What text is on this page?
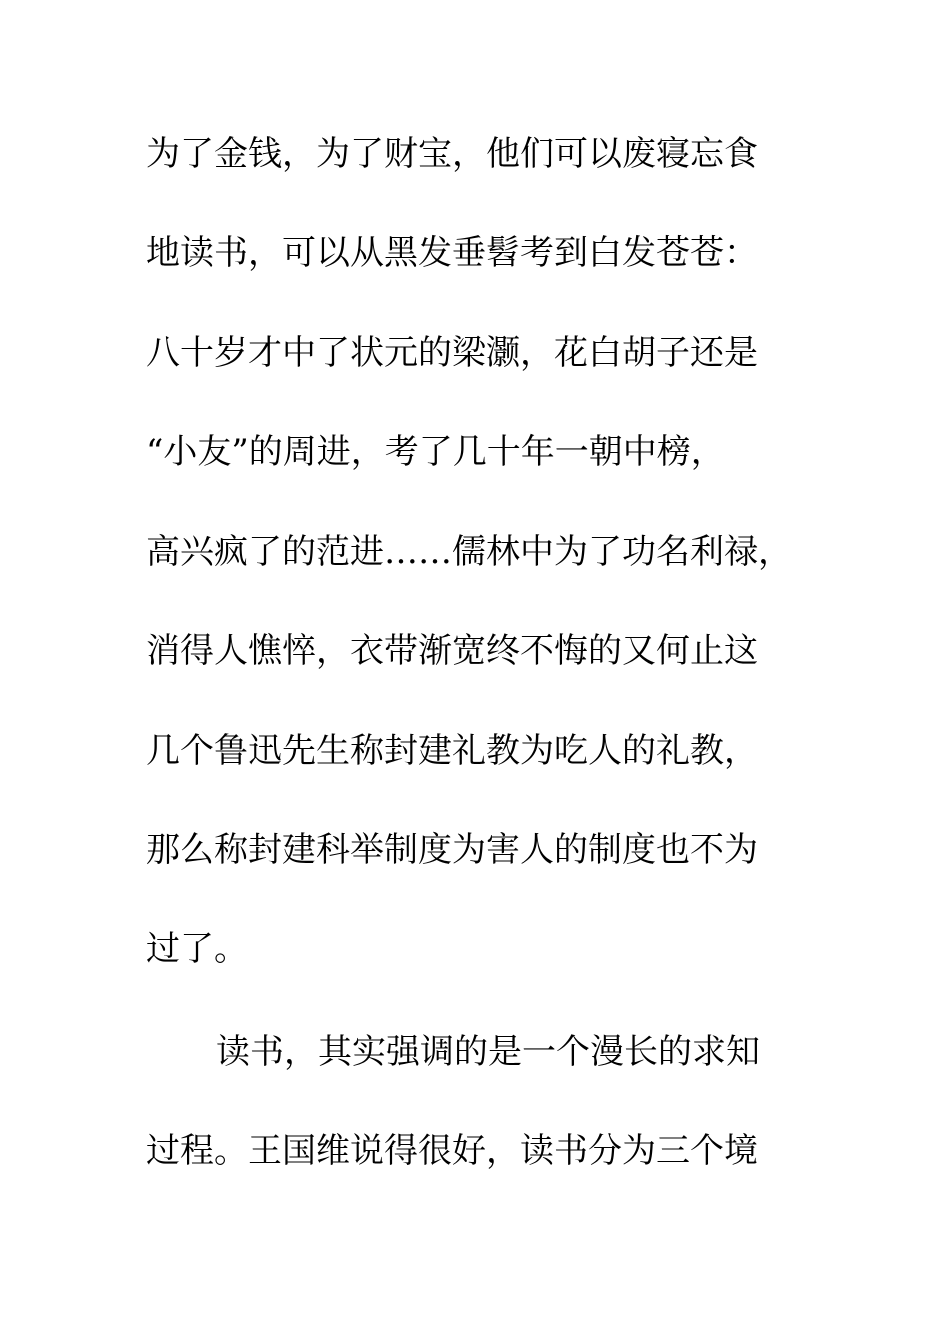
为了金钱，为了财宝，他们可以废寝忘食
地读书，可以从黑发垂髫考到白发苍苍：
八十岁才中了状元的梁灏，花白胡子还是
“小友”的周进，考了几十年一朝中榜，
高兴疯了的范进……儒林中为了功名利禄，
消得人憔悴，衣带渐宽终不悔的又何止这
几个鲁迅先生称封建礼教为吃人的礼教，
那么称封建科举制度为害人的制度也不为
过了。
读书，其实强调的是一个漫长的求知
过程。王国维说得很好，读书分为三个境
